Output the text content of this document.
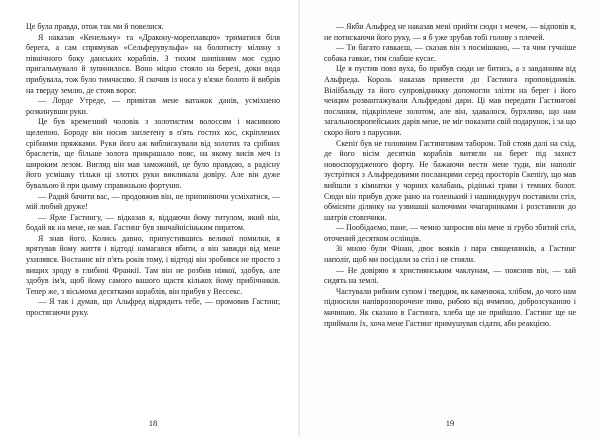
Це була правда, отож так ми й повелися.

Я наказав «Кенельму» та «Дракону-мореплавцю» триматися біля берега, а сам спрямував «Сельферувульфа» на болотисту мілину з північного боку данських кораблів. З тихим шипінням моє судно пригальмувало й зупинилося. Воно міцно стояло на березі, доки вода прибувала, тож було тимчасово. Я скочив із носа у в'язке болото й вибрів на тверду землю, де стояв ворог.

— Лорде Утреде, — привітав мене ватажок данів, усміхнено розкинувши руки.

Це був кремезний чоловік з золотистим волоссям і масивною щелепою. Бороду він носив заплетену в п'ять гостих кос, скріплених срібними пряжками. Руки його аж виблискували від золотих та срібних браслетів, ще більше золота прикрашало пояс, на якому висів меч із широким лезом. Вигляд він мав заможний, це було правдою, а радісну його усмішку тільки ці злотих руки викликала довіру. Але він дуже бувальою й при цьому справжньою фортуню.

— Радий бачити вас, — продовжив він, не припиняючи усміхатися, — мій любий друже!

— Ярле Гастингу, — відказав я, віддаючи йому титулом, який він, бодай як на мене, не мав. Гастинг був звичайнісіньким пиратом.

Я знав його. Колись давно, припустившись великої помилки, я врятував йому життя і відтоді намагався вбити, а він завжди від мене ухилявся. Востаннє віт п'ять років тому, і відтоді він зробився не просто з вищих зроду в глибині Франкії. Там він не розбив ніякої, здобув, але здобув ім'я, щоб йому самого вашого щастя кількох йому прибічників. Тепер же, з вісьмома десятками кораблів, він прибув у Вессекс.

— Я так і думав, що Альфред відрядить тебе, — промовив Гастинг, простягаючи руку.

18

— Якби Альфред не наказав мені прийти сюди з мечем, — відповів я, не потискаючи його руку, — я б уже зрубав тобі голову з плечей.

— Ти багато гавкаєш, — сказав він з посмішкою, — та чим гучніше собака гавкає, тим слабше кусає.

Це я пустив повз вуха, бо прибув сюди не битись, а з завданням від Альфреда. Король наказав привести до Гастинга проповідників. Віліїбальду та його супровідникку допомогли злізти на берег і його ченцям розвантажували Альфредові дари. Ці мав передати Гастингові послання, підкріплене золотом, але він, здавалося, бурхливо, що нам загальноєвропейських дарів мене, не міг показати свій подарунок, і за що скоро його з парусини.

Скепіґ був не головним Гастинговим табором. Той стояв далі на схід, де його вісім десятків кораблів витягли на берег під захист новоспорудженого форту. Не бажаючи вести мене туди, він наполіг зустрітися з Альфредовими посланцями серед просторів Скепіґу, що мав вийшли з кімнатки у чорних калабань, рідінькі трави і темних болот. Сюди він прибув дуже рано на голенький і нашвидкуруч поставили стіл, обмісити ділянку на узвишші колючими ччагарниками і розставили до шатрів стовпчики.

— Пообідаємо, пане, — чемно запросив він мене зі грубо збитий стіл, оточений десятком ослінців.

Зі мною були Фінан, двоє вояків і пара священників, а Гастинг наполіг, щоб ми посідали за стіл і не стояли.

— Не довіряю я християнським чаклунам, — пояснив він, — хай сидять на землі.

Частували рибним супом і твердим, як каменюка, хлібом, до чого нам підносили напіврозпорочене пиво, рибою від ячменю, доброзсуканою і мачинаю. Як сказано в Гастинга, хлеба ще не прийшло. Гастинг ще не приймали їх, хоча мене Гастинг примушував сідати, аби реакцією.

19
